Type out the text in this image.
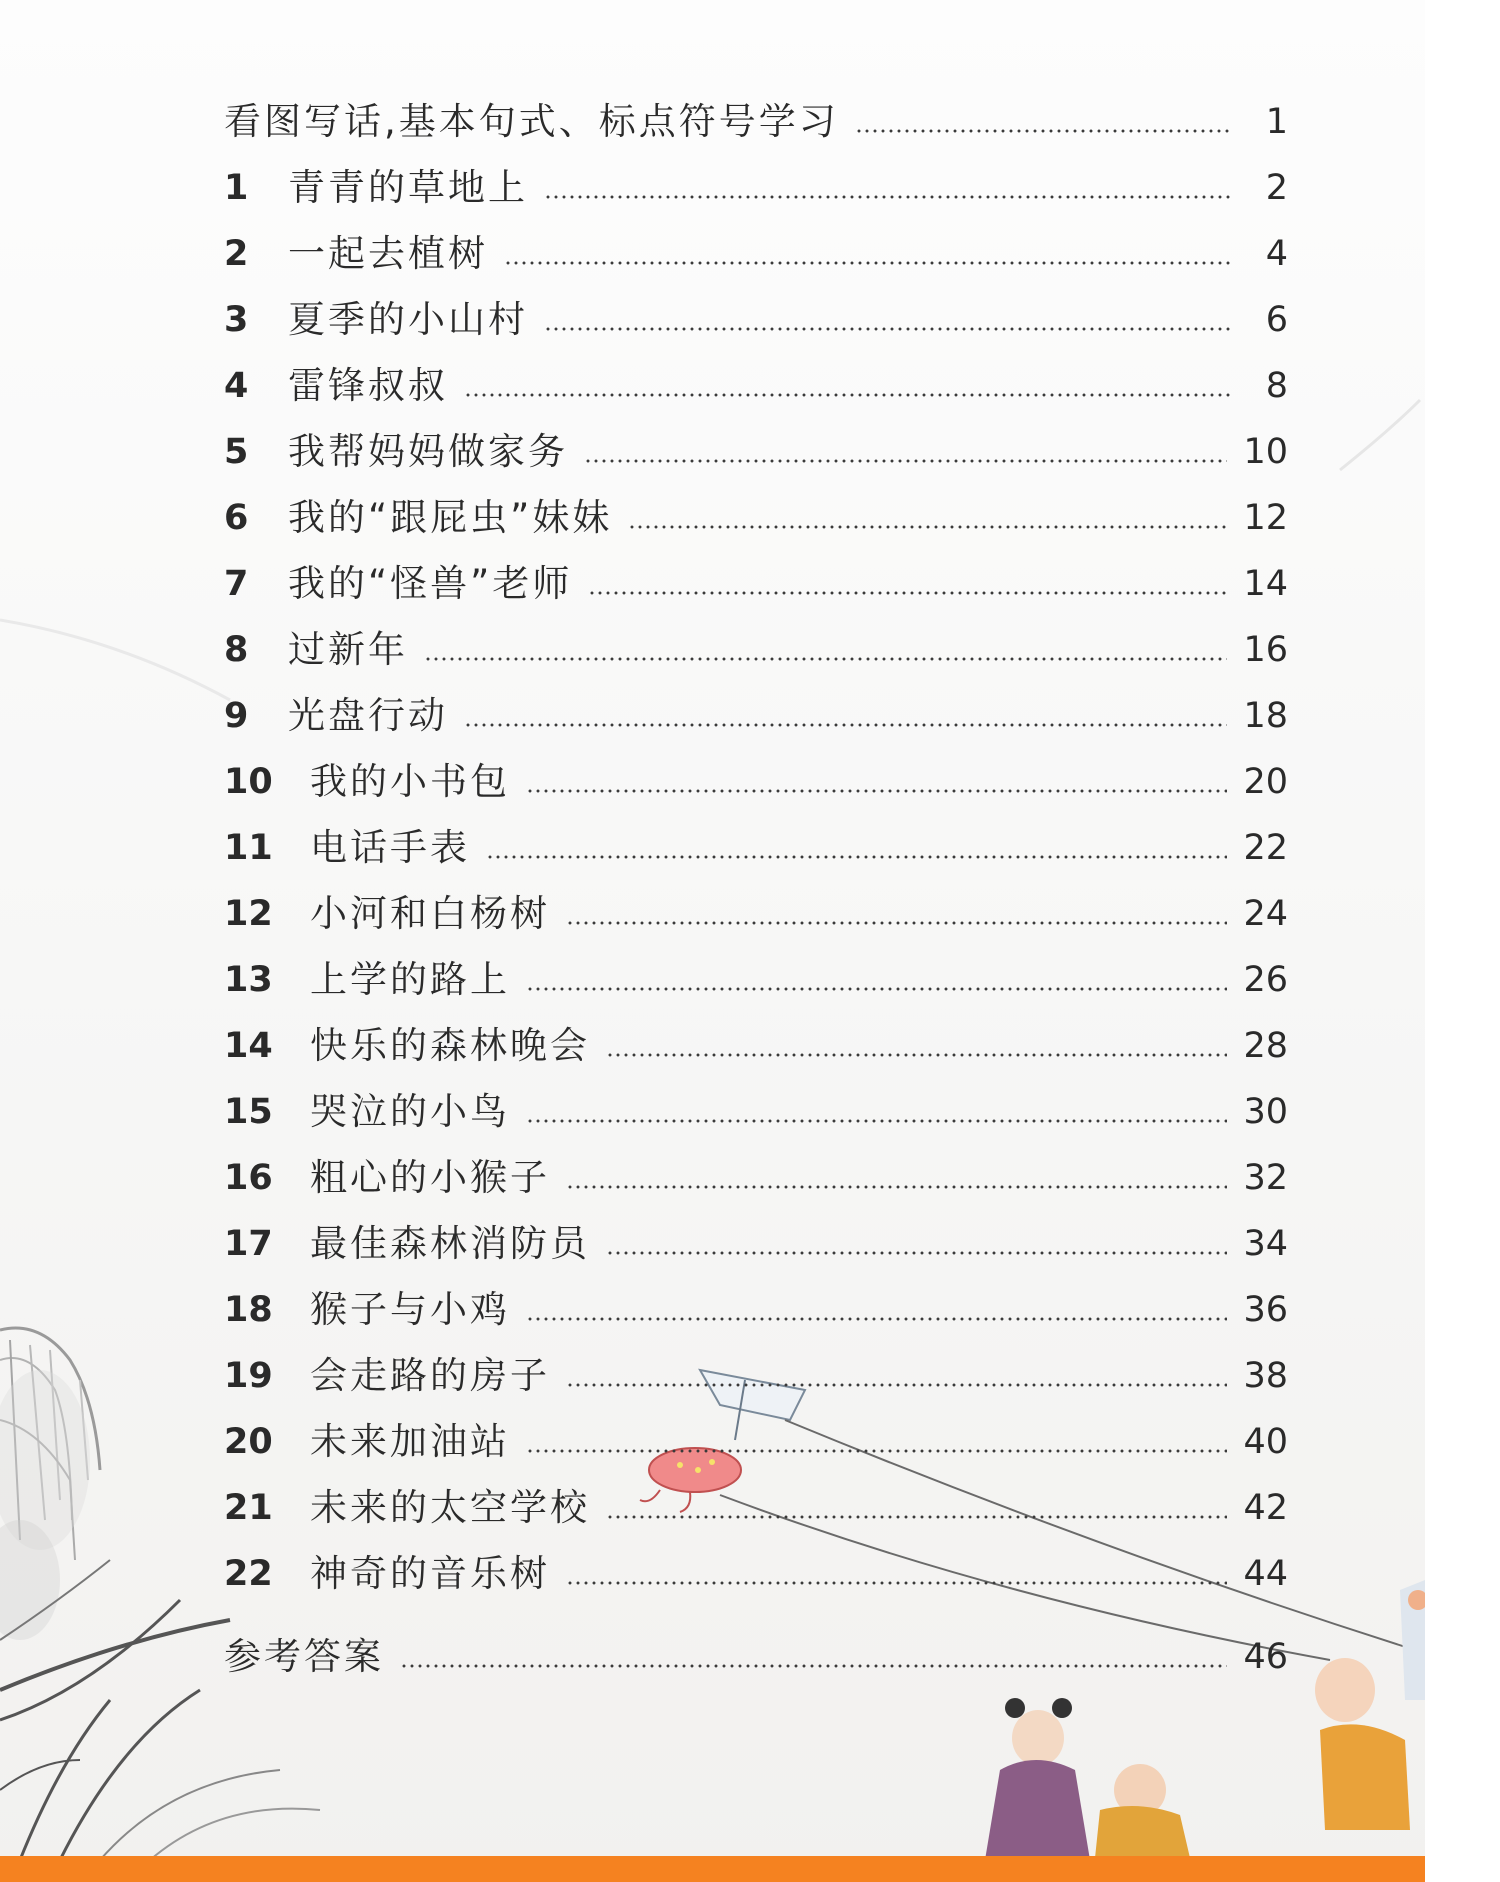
看图写话,基本句式、标点符号学习	1
1	青青的草地上	2
2	一起去植树	4
3	夏季的小山村	6
4	雷锋叔叔	8
5	我帮妈妈做家务	10
6	我的“跟屁虫”妹妹	12
7	我的“怪兽”老师	14
8	过新年	16
9	光盘行动	18
10	我的小书包	20
11	电话手表	22
12	小河和白杨树	24
13	上学的路上	26
14	快乐的森林晚会	28
15	哭泣的小鸟	30
16	粗心的小猴子	32
17	最佳森林消防员	34
18	猴子与小鸡	36
19	会走路的房子	38
20	未来加油站	40
21	未来的太空学校	42
22	神奇的音乐树	44
参考答案	46
